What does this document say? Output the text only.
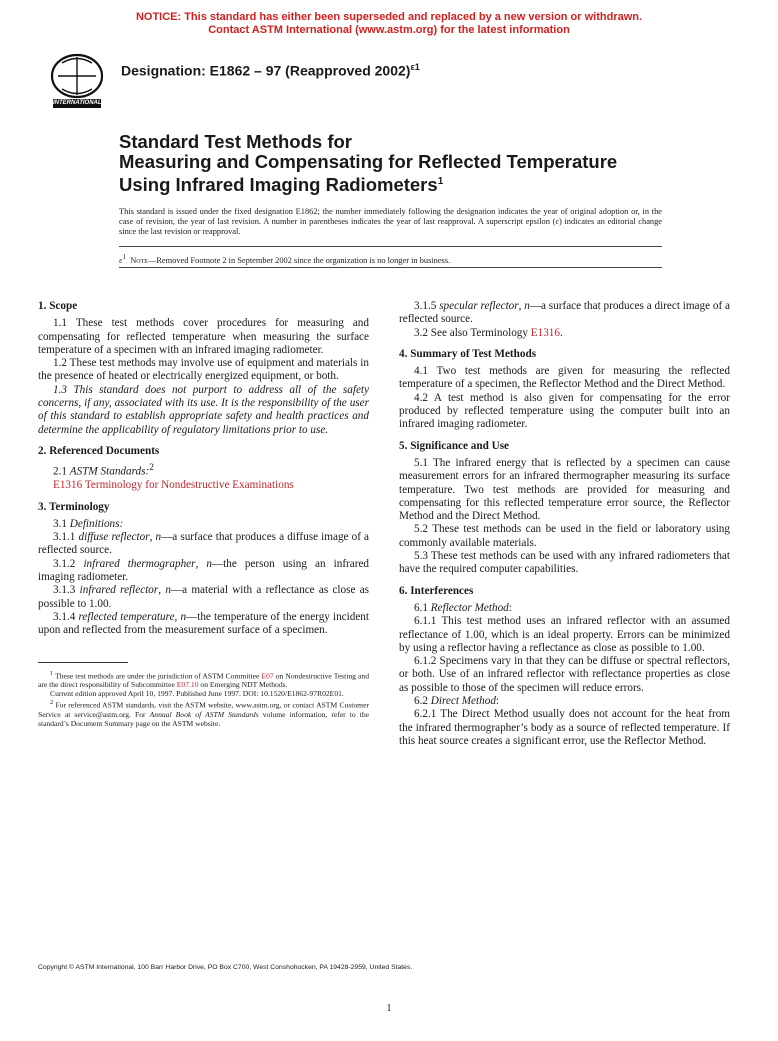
NOTICE: This standard has either been superseded and replaced by a new version or withdrawn.
Contact ASTM International (www.astm.org) for the latest information
INTERNATIONAL
Designation: E1862 – 97 (Reapproved 2002)$^{\varepsilon 1}$
Standard Test Methods for
Measuring and Compensating for Reflected Temperature
Using Infrared Imaging Radiometers$^1$
This standard is issued under the fixed designation E1862; the number immediately following the designation indicates the year of original adoption or, in the case of revision, the year of last revision. A number in parentheses indicates the year of last reapproval. A superscript epsilon (ε) indicates an editorial change since the last revision or reapproval.
$\varepsilon^1$ Note—Removed Footnote 2 in September 2002 since the organization is no longer in business.
1. Scope

1.1 These test methods cover procedures for measuring and compensating for reflected temperature when measuring the surface temperature of a specimen with an infrared imaging radiometer.

1.2 These test methods may involve use of equipment and materials in the presence of heated or electrically energized equipment, or both.

1.3 This standard does not purport to address all of the safety concerns, if any, associated with its use. It is the responsibility of the user of this standard to establish appropriate safety and health practices and determine the applicability of regulatory limitations prior to use.

2. Referenced Documents

2.1 ASTM Standards:$^2$

E1316 Terminology for Nondestructive Examinations

3. Terminology

3.1 Definitions:

3.1.1 diffuse reflector, n—a surface that produces a diffuse image of a reflected source.

3.1.2 infrared thermographer, n—the person using an infrared imaging radiometer.

3.1.3 infrared reflector, n—a material with a reflectance as close as possible to 1.00.

3.1.4 reflected temperature, n—the temperature of the energy incident upon and reflected from the measurement surface of a specimen.

$^1$ These test methods are under the jurisdiction of ASTM Committee E07 on Nondestructive Testing and are the direct responsibility of Subcommittee E07.10 on Emerging NDT Methods.

Current edition approved April 10, 1997. Published June 1997. DOI: 10.1520/E1862-97R02E01.

$^2$ For referenced ASTM standards, visit the ASTM website, www.astm.org, or contact ASTM Customer Service at service@astm.org. For Annual Book of ASTM Standards volume information, refer to the standard’s Document Summary page on the ASTM website.

3.1.5 specular reflector, n—a surface that produces a direct image of a reflected source.

3.2 See also Terminology E1316.

4. Summary of Test Methods

4.1 Two test methods are given for measuring the reflected temperature of a specimen, the Reflector Method and the Direct Method.

4.2 A test method is also given for compensating for the error produced by reflected temperature using the computer built into an infrared imaging radiometer.

5. Significance and Use

5.1 The infrared energy that is reflected by a specimen can cause measurement errors for an infrared thermographer measuring its surface temperature. Two test methods are provided for measuring and compensating for this reflected temperature error source, the Reflector Method and the Direct Method.

5.2 These test methods can be used in the field or laboratory using commonly available materials.

5.3 These test methods can be used with any infrared radiometers that have the required computer capabilities.

6. Interferences

6.1 Reflector Method:

6.1.1 This test method uses an infrared reflector with an assumed reflectance of 1.00, which is an ideal property. Errors can be minimized by using a reflector having a reflectance as close as possible to 1.00.

6.1.2 Specimens vary in that they can be diffuse or spectral reflectors, or both. Use of an infrared reflector with reflectance properties as close as possible to those of the specimen will reduce errors.

6.2 Direct Method:

6.2.1 The Direct Method usually does not account for the heat from the infrared thermographer’s body as a source of reflected temperature. If this heat source creates a significant error, use the Reflector Method.

Copyright © ASTM International, 100 Barr Harbor Drive, PO Box C700, West Conshohocken, PA 19428-2959, United States.
1
